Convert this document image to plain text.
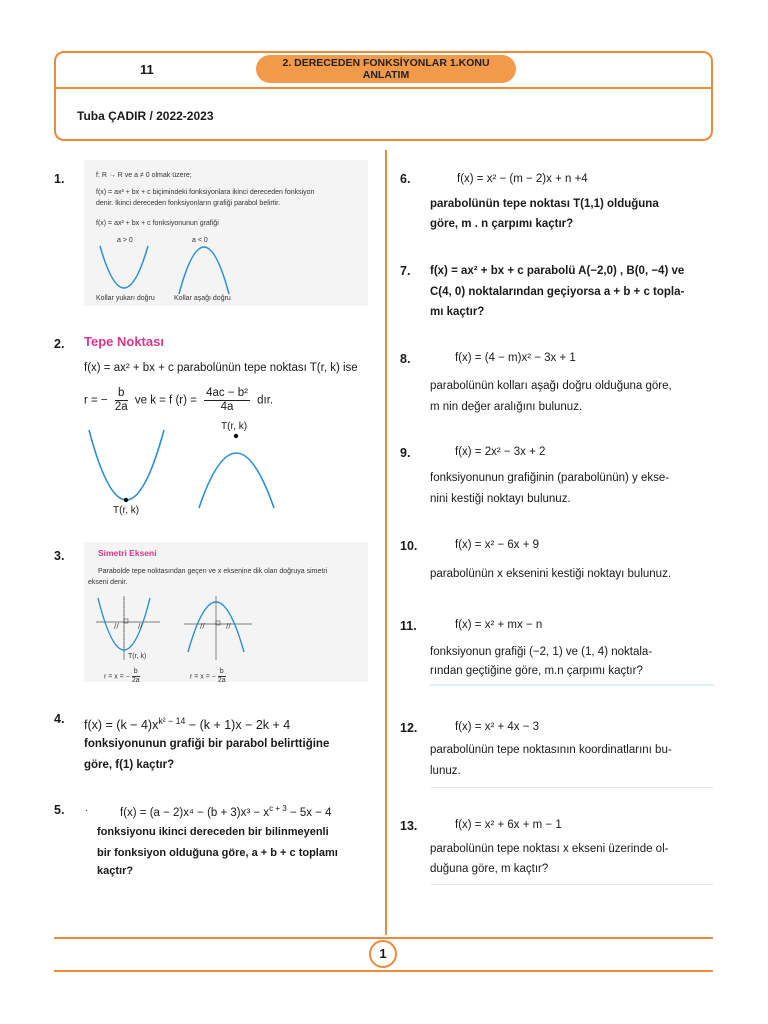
11	2. DERECEDEN FONKSİYONLAR 1.KONU
ANLATIM
Tuba ÇADIR / 2022-2023
1.	f: R → R ve a ≠ 0 olmak üzere;
f(x) = ax² + bx + c biçimindeki fonksiyonlara ikinci dereceden fonksiyon
denir. İkinci dereceden fonksiyonların grafiği parabol belirtir.
f(x) = ax² + bx + c fonksiyonunun grafiği
a > 0	a < 0
Kollar yukarı doğru	Kollar aşağı doğru
2. Tepe Noktası
f(x) = ax² + bx + c parabolünün tepe noktası T(r, k) ise
r = − $\frac{b}{2a}$ ve k = f $(r) = \frac{\text{4ac − b²}}{4a}$ dır.
T(r, k)
T(r, k)
3.	Simetri Ekseni
Parabolde tepe noktasından geçen ve x eksenine dik olan doğruya simetri
ekseni denir.
//	//	//	//
T(r, k)
r = x = − $\frac{b}{2a}$	r = x = − $\frac{b}{2a}$
4. $f(x) = (k - 4)x^{k^2 - 14} - (k + 1)x - 2k + 4$
fonksiyonunun grafiği bir parabol belirttiğine
göre, f(1) kaçtır?
5. .	$f(x) = (a - 2)x^4 - (b + 3)x^3 - x^{c + 3} - 5x - 4$
fonksiyonu ikinci dereceden bir bilinmeyenli
bir fonksiyon olduğuna göre, a + b + c toplamı
kaçtır?
6.	f(x) = x² − (m − 2)x + n +4
parabolünün tepe noktası T(1,1) olduğuna
göre, m . n çarpımı kaçtır?
7. f(x) = ax² + bx + c parabolü A(−2,0) , B(0, −4) ve
C(4, 0) noktalarından geçiyorsa a + b + c topla-
mı kaçtır?
8.	f(x) = (4 − m)x² − 3x + 1
parabolünün kolları aşağı doğru olduğuna göre,
m nin değer aralığını bulunuz.
9.	f(x) = 2x² − 3x + 2
fonksiyonunun grafiğinin (parabolünün) y ekse-
nini kestiği noktayı bulunuz.
10.	f(x) = x² − 6x + 9
parabolünün x eksenini kestiği noktayı bulunuz.
11.	f(x) = x² + mx − n
fonksiyonun grafiği (−2, 1) ve (1, 4) noktala-
rından geçtiğine göre, m.n çarpımı kaçtır?
12.	f(x) = x² + 4x − 3
parabolünün tepe noktasının koordinatlarını bu-
lunuz.
13.	f(x) = x² + 6x + m − 1
parabolünün tepe noktası x ekseni üzerinde ol-
duğuna göre, m kaçtır?
1
